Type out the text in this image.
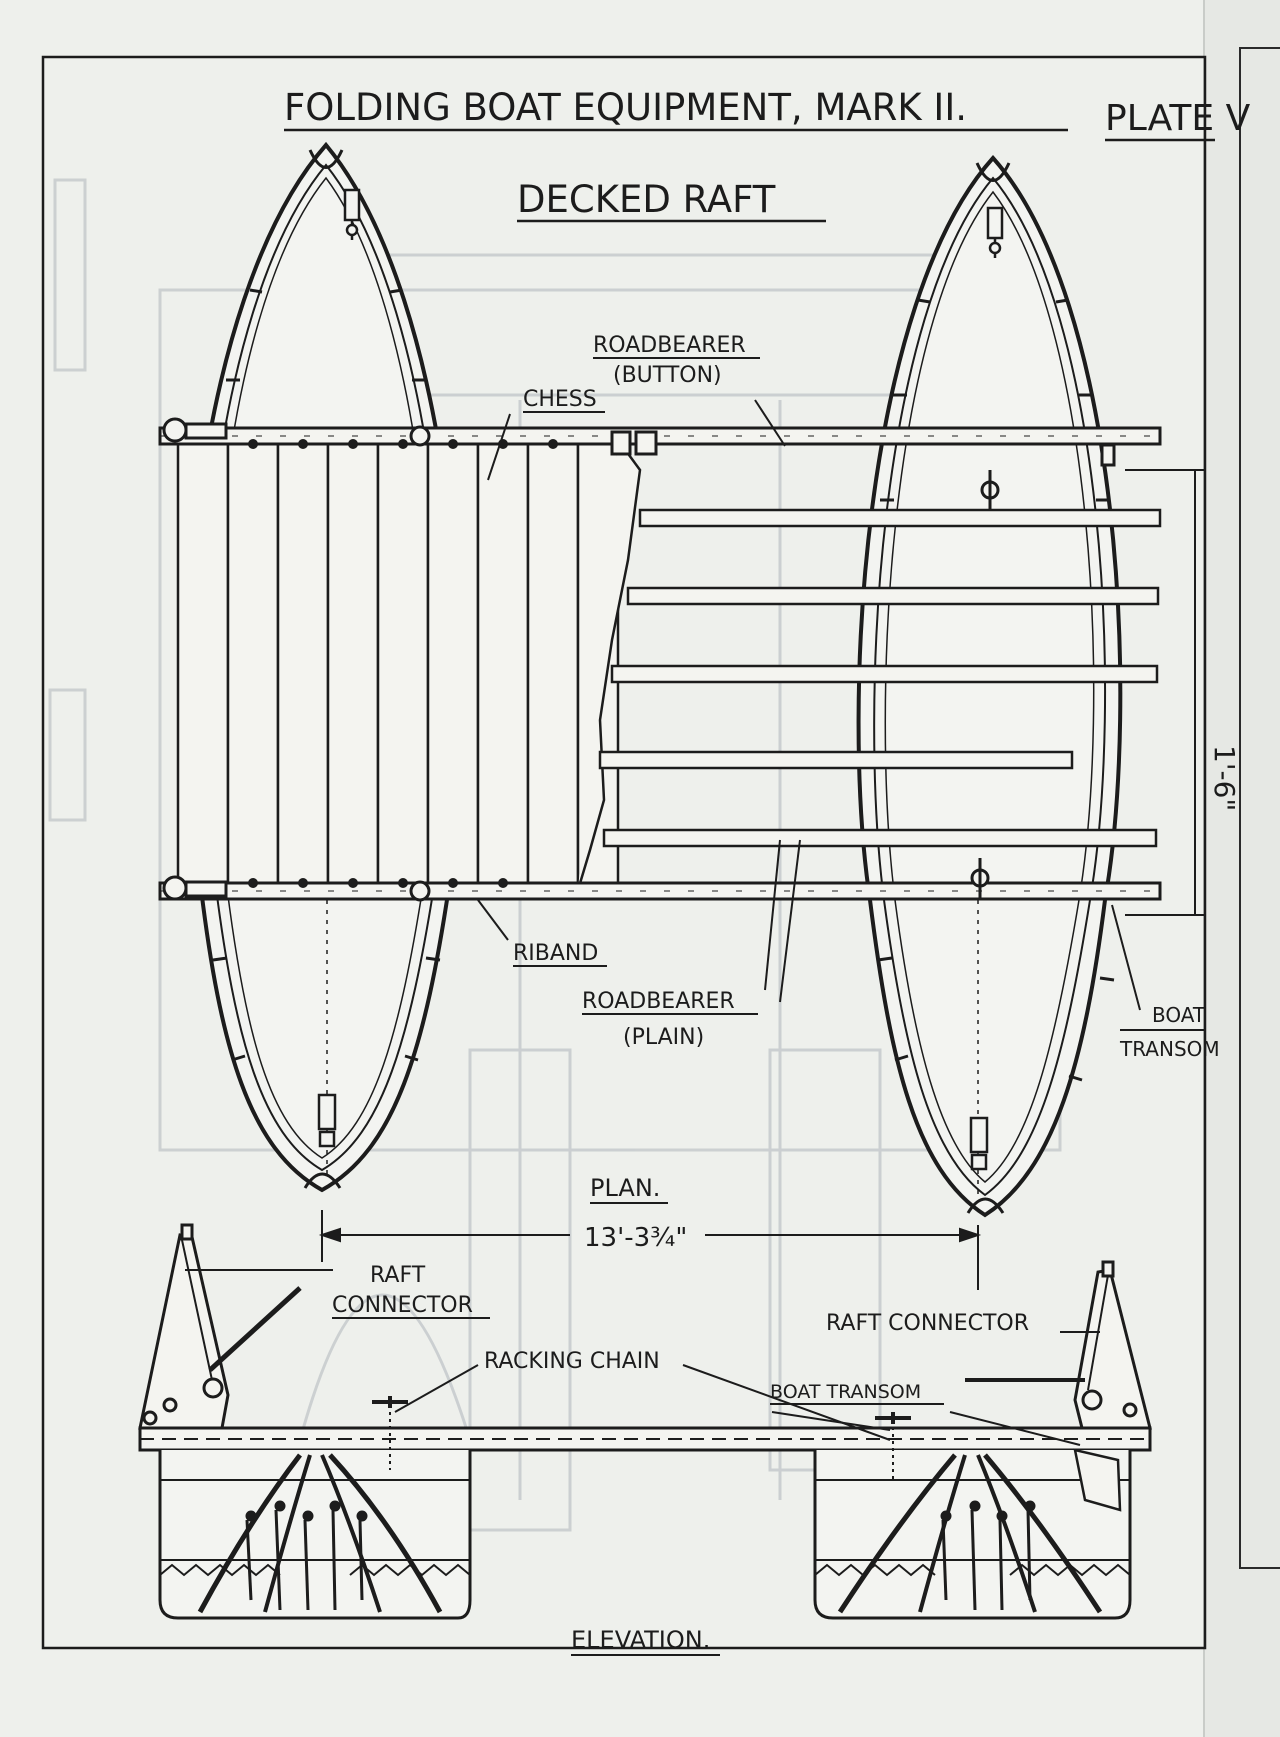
FOLDING BOAT EQUIPMENT, MARK II.	PLATE V
DECKED RAFT
1'-6"
ROADBEARER
(BUTTON)
CHESS
RIBAND
ROADBEARER
(PLAIN)
BOAT
TRANSOM
PLAN.
13'-3¾"
RAFT
CONNECTOR
RAFT CONNECTOR
RACKING CHAIN
BOAT TRANSOM
ELEVATION.
